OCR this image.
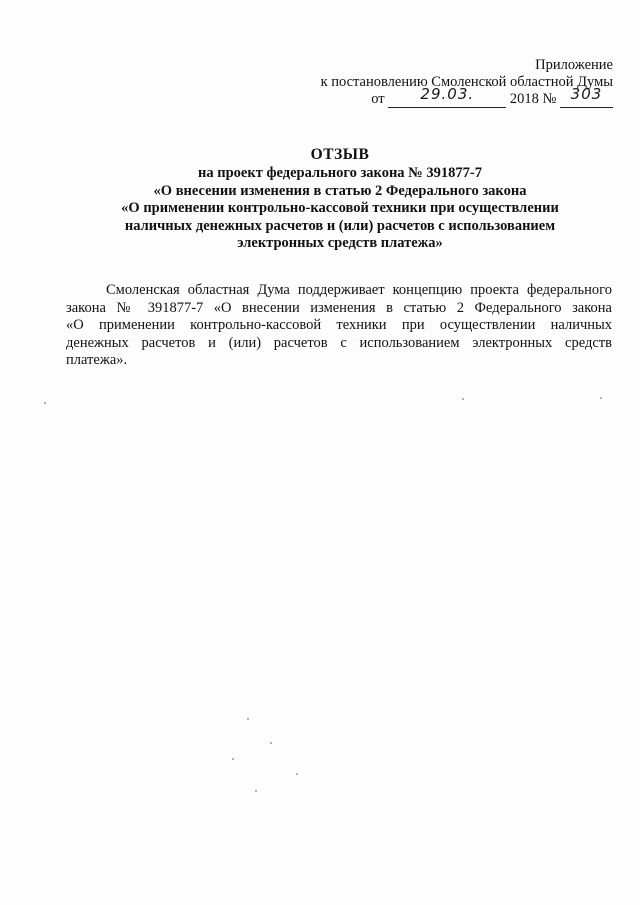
Приложение
к постановлению Смоленской областной Думы
от	29.03.	2018 № 303
ОТЗЫВ
на проект федерального закона № 391877-7
«О внесении изменения в статью 2 Федерального закона
«О применении контрольно-кассовой техники при осуществлении
наличных денежных расчетов и (или) расчетов с использованием
электронных средств платежа»
Смоленская областная Дума поддерживает концепцию проекта федерального
закона № 391877-7 «О внесении изменения в статью 2 Федерального закона
«О применении контрольно-кассовой техники при осуществлении наличных
денежных расчетов и (или) расчетов с использованием электронных средств
платежа».
